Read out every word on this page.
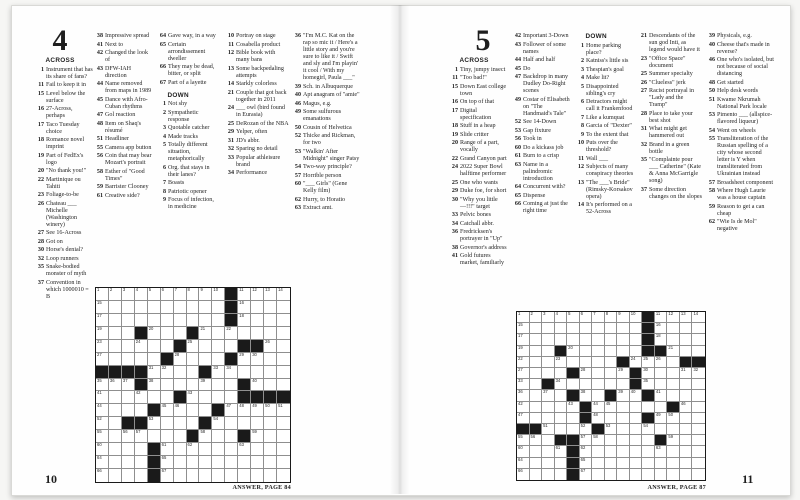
4
ACROSS
1 Instrument that has its share of fans?
11 Fail to keep it in
15 Level below the surface
16 27-Across, perhaps
17 Taco Tuesday choice
18 Romance novel imprint
19 Part of FedEx's logo
20 "No thank you!"
22 Martinique ou Tahiti
23 Foliage-to-be
26 Chateau ___ Michelle (Washington winery)
27 See 16-Across
28 Got on
30 Horse's denial?
32 Loop runners
35 Snake-bodied monster of myth
37 Convention in which 1000010 = B
38 Impressive spread
41 Next to
42 Changed the look of
43 DFW-IAH direction
44 Name removed from maps in 1989
45 Dance with Afro-Cuban rhythms
47 Gol reaction
48 Item on Shaq's résumé
51 Headliner
55 Camera app button
56 Coin that may bear Mozart's portrait
58 Esther of "Good Times"
59 Barrister Clooney
61 Creative side?
64 Gave way, in a way
65 Certain arrondissement dweller
66 They may be dead, bitter, or split
67 Part of a layette
DOWN
1 Not shy
2 Sympathetic response
3 Quotable catcher
4 Made tracks
5 Totally different situation, metaphorically
6 Org. that stays in their lanes?
7 Boasts
8 Patriotic opener
9 Focus of infection, in medicine
10 Portray on stage
11 Cosabella product
12 Bible book with many bans
13 Some backpedaling attempts
14 Starkly colorless
21 Couple that got back together in 2011
24 ___ owl (bird found in Eurasia)
25 DeRozan of the NBA
29 Yelper, often
31 JD's abbr.
32 Sparing no detail
33 Popular athleisure brand
34 Performance
36 "I'm M.C. Kat on the rap so mic it / Here's a little story and you're sure to like it / Swift and sly and I'm playin' it cool / With my homegirl, Paula ___"
39 Sch. in Albuquerque
40 Apt anagram of "amie"
46 Magus, e.g.
49 Some sulfurous emanations
50 Cousin of Helvetica
52 Thicke and Rickman, for two
53 "Walkin' After Midnight" singer Patsy
54 Two-way principle?
57 Horrible person
60 "___ Girls" (Gene Kelly film)
62 Hurry, to Horatio
63 Extract amt.
1	2	3	4	5	6	7	8	9	10	11 12 13 14
15	16
17	18
19	20	21	22
23	24	25	26
27	28	29 30
31 32	33 34
35 36 37	38	39	40
41	42	43
44	45 46	47 48 49 50 51
52	53	54
55	56 57	58	59
60	61	62	63
64	65
66	67
ANSWER, PAGE 84
10
5
ACROSS
1 Tiny, jumpy insect
11 "Too bad!"
15 Down East college town
16 On top of that
17 Digital specification
18 Stuff in a heap
19 Slide critter
20 Range of a part, vocally
22 Grand Canyon part
24 2022 Super Bowl halftime performer
25 One who wants
29 Duke foe, for short
30 "Why you little—!!!" target
33 Pelvic bones
34 Catchall abbr.
36 Fredricksen's portrayer in "Up"
38 Governor's address
41 Gold futures market, familiarly
42 Important 3-Down
43 Follower of some names
44 Half and half
45 Do
47 Backdrop in many Dudley Do-Right scenes
49 Costar of Elisabeth on "The Handmaid's Tale"
52 See 14-Down
53 Gap fixture
56 Took in
60 Do a kickass job
61 Burn to a crisp
63 Name in a palindromic introduction
64 Concurrent with?
65 Dispense
66 Coming at just the right time
DOWN
1 Home parking place?
2 Katniss's little sis
3 Thespian's goal
4 Make lit?
5 Disappointed sibling's cry
6 Detractors might call it Frankenfood
7 Like a kumquat
8 Garcia of "Dexter"
9 To the extent that
10 Puts over the threshold?
11 Wall ___
12 Subjects of many conspiracy theories
13 "The ___'s Bride" (Rimsky-Korsakov opera)
14 It's performed on a 52-Across
21 Descendants of the sun god Inti, as legend would have it
23 "Office Space" document
25 Summer specialty
26 "Clueless" jerk
27 Racist portrayal in "Lady and the Tramp"
28 Place to take your best shot
31 What might get hammered out
32 Brand in a green bottle
35 "Complainte pour ___ Catherine" (Kate & Anna McGarrigle song)
37 Some direction changes on the slopes
39 Physicals, e.g.
40 Cheese that's made in reverse?
46 One who's isolated, but not because of social distancing
48 Get started
50 Help desk words
51 Kwame Nkrumah National Park locale
53 Pimento ___ (allspice-flavored liqueur)
54 Went on wheels
55 Transliteration of the Russian spelling of a city whose second letter is Y when transliterated from Ukrainian instead
57 Broadsheet component
58 Where Hugh Laurie was a house captain
59 Reason to get a can cheap
62 "Wie Is de Mol" negative
1 2 3 4 5 6 7 8 9 10	11 12 13 14
15	16
17	18
19	20	21
22	23	24 25 26
27	28	29	30	31 32
33	34	35
36	37	38	39 40	41
42	43	44 45	46
47	48	49 50
51	52	53	54
55 56	57 58	59
60	61	62	63
64	65
66	67
ANSWER, PAGE 87
11
